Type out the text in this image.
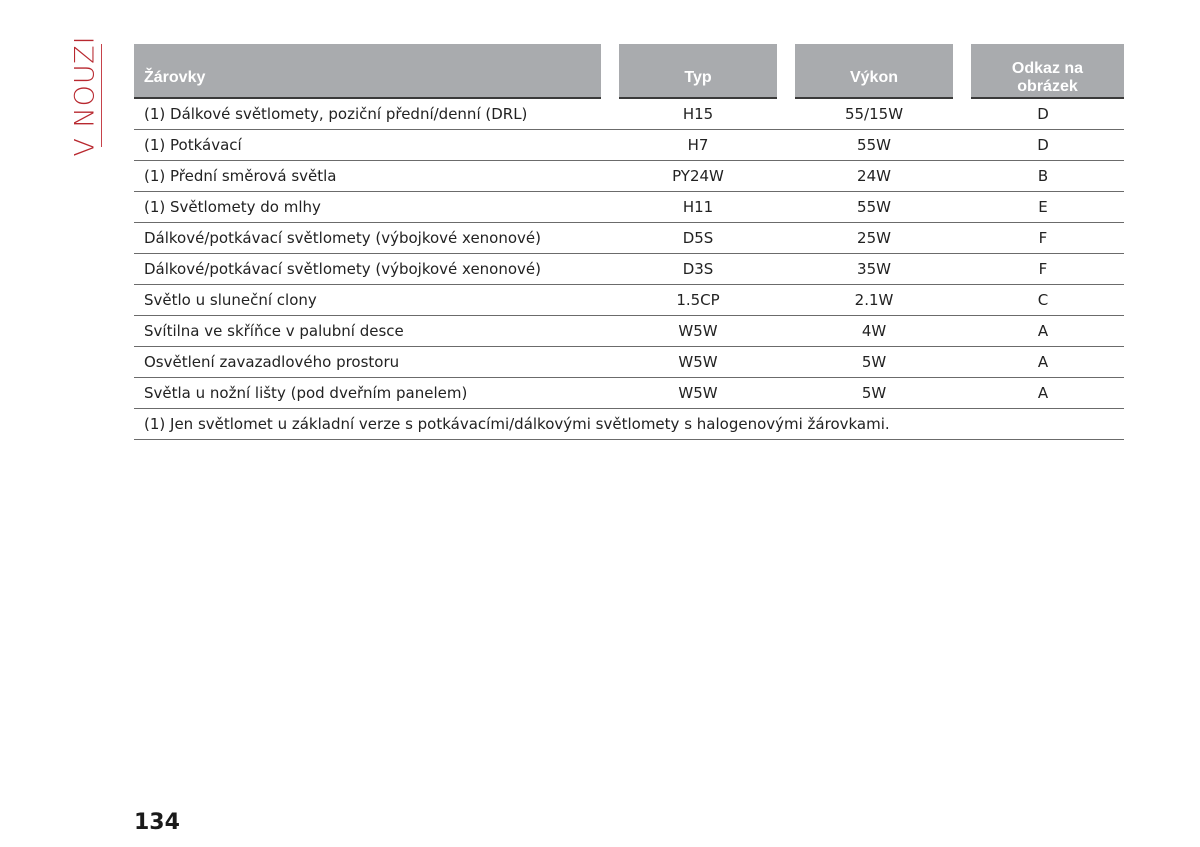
V NOUZI	Žárovky	Typ	Výkon	Odkaz na obrázek
(1) Dálkové světlomety, poziční přední/denní (DRL)	H15	55/15W	D
(1) Potkávací	H7	55W	D
(1) Přední směrová světla	PY24W	24W	B
(1) Světlomety do mlhy	H11	55W	E
Dálkové/potkávací světlomety (výbojkové xenonové)	D5S	25W	F
Dálkové/potkávací světlomety (výbojkové xenonové)	D3S	35W	F
Světlo u sluneční clony	1.5CP	2.1W	C
Svítilna ve skříňce v palubní desce	W5W	4W	A
Osvětlení zavazadlového prostoru	W5W	5W	A
Světla u nožní lišty (pod dveřním panelem)	W5W	5W	A
(1) Jen světlomet u základní verze s potkávacími/dálkovými světlomety s halogenovými žárovkami.			
134
